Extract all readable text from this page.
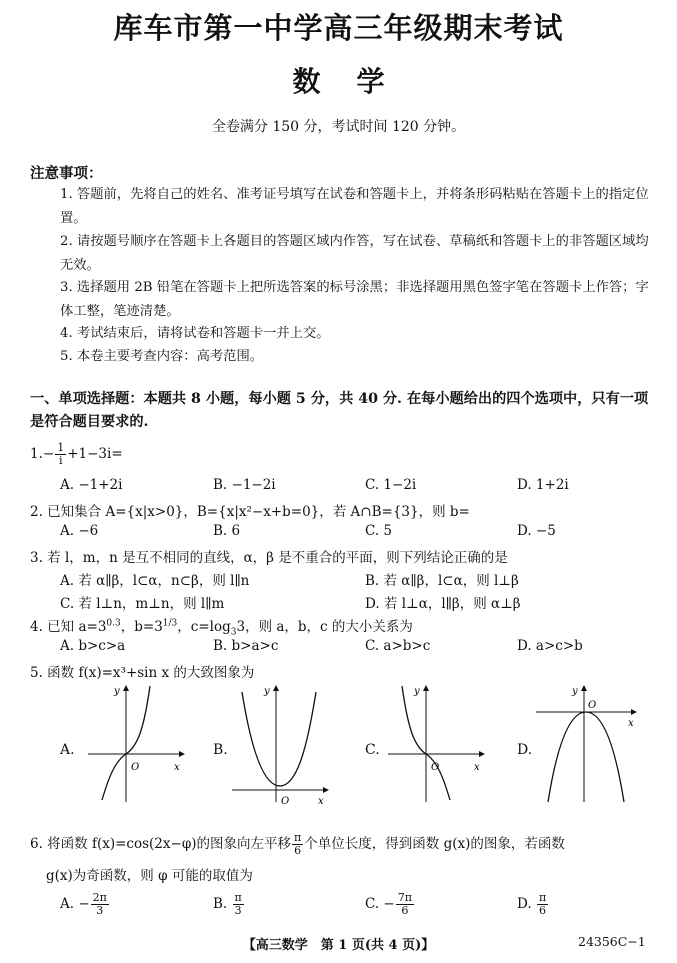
库车市第一中学高三年级期末考试
数学
全卷满分 150 分，考试时间 120 分钟。
注意事项：
1. 答题前，先将自己的姓名、准考证号填写在试卷和答题卡上，并将条形码粘贴在答题卡上的指定位置。
2. 请按题号顺序在答题卡上各题目的答题区域内作答，写在试卷、草稿纸和答题卡上的非答题区域均无效。
3. 选择题用 2B 铅笔在答题卡上把所选答案的标号涂黑；非选择题用黑色签字笔在答题卡上作答；字体工整，笔迹清楚。
4. 考试结束后，请将试卷和答题卡一并上交。
5. 本卷主要考查内容：高考范围。
一、单项选择题：本题共 8 小题，每小题 5 分，共 40 分. 在每小题给出的四个选项中，只有一项是符合题目要求的.
$1.- \frac{1}{i} +1-3i=$
A. −1+2i	B. −1−2i	C. 1−2i	D. 1+2i
2. 已知集合 A={x|x>0}，B={x|x²−x+b=0}，若 A∩B={3}，则 b=
A. −6	B. 6	C. 5	D. −5
3. 若 l，m，n 是互不相同的直线，α，β 是不重合的平面，则下列结论正确的是
A. 若 α∥β，l⊂α，n⊂β，则 l∥n	B. 若 α∥β，l⊂α，则 l⊥β
C. 若 l⊥n，m⊥n，则 l∥m	D. 若 l⊥α，l∥β，则 α⊥β
4. 已知 $a=3^{0.3}$，$b=3^{1/3}$，$c=\log_33$，则 a，b，c 的大小关系为
A. b>c>a	B. b>a>c	C. a>b>c	D. a>c>b
5. 函数 f(x)=x³+sin x 的大致图象为
A.	B.	C.	D.
y
x
O
y
x
O
y
x
O
y
x
O
6. 将函数 f(x)=cos(2x−φ)的图象向左平移 $\frac{\pi}{6}$ 个单位长度，得到函数 g(x)的图象，若函数
g(x)为奇函数，则 φ 可能的取值为
A. − $\frac{2\pi}{3}$	B. $\frac{\pi}{3}$	C. − $\frac{7\pi}{6}$	D. $\frac{\pi}{6}$
【高三数学　第 1 页(共 4 页)】	24356C−1
